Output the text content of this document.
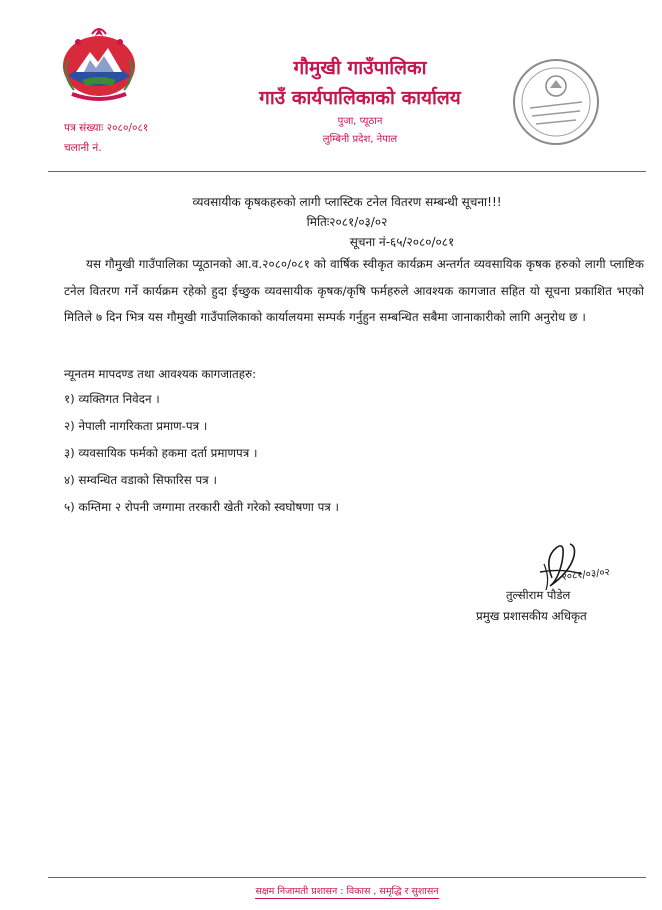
गौमुखी गाउँपालिका
गाउँ कार्यपालिकाको कार्यालय
पुजा, प्यूठान
लुम्बिनी प्रदेश, नेपाल
पत्र संख्याः २०८०/०८१
चलानी नं.
व्यवसायीक कृषकहरुको लागी प्लास्टिक टनेल वितरण सम्बन्धी सूचना!!!
मितिः२०८१/०३/०२
सूचना नं-६५/२०८०/०८१
यस गौमुखी गाउँपालिका प्यूठानको आ.व.२०८०/०८१ को वार्षिक स्वीकृत कार्यक्रम अन्तर्गत व्यवसायिक कृषक हरुको लागी प्लाष्टिक टनेल वितरण गर्ने कार्यक्रम रहेको हुदा ईच्छुक व्यवसायीक कृषक/कृषि फर्महरुले आवश्यक कागजात सहित यो सूचना प्रकाशित भएको मितिले ७ दिन भित्र यस गौमुखी गाउँपालिकाको कार्यालयमा सम्पर्क गर्नुहुन सम्बन्धित सबैमा जानाकारीको लागि अनुरोध छ ।
न्यूनतम मापदण्ड तथा आवश्यक कागजातहरु:
१) व्यक्तिगत निवेदन ।
२) नेपाली नागरिकता प्रमाण-पत्र ।
३) व्यवसायिक फर्मको हकमा दर्ता प्रमाणपत्र ।
४) सम्वन्धित वडाको सिफारिस पत्र ।
५) कम्तिमा २ रोपनी जग्गामा तरकारी खेती गरेको स्वघोषणा पत्र ।
२०८१/०३/०२
तुल्सीराम पौडेल
प्रमुख प्रशासकीय अधिकृत
सक्षम निजामती प्रशासन : विकास , समृद्धि र सुशासन
